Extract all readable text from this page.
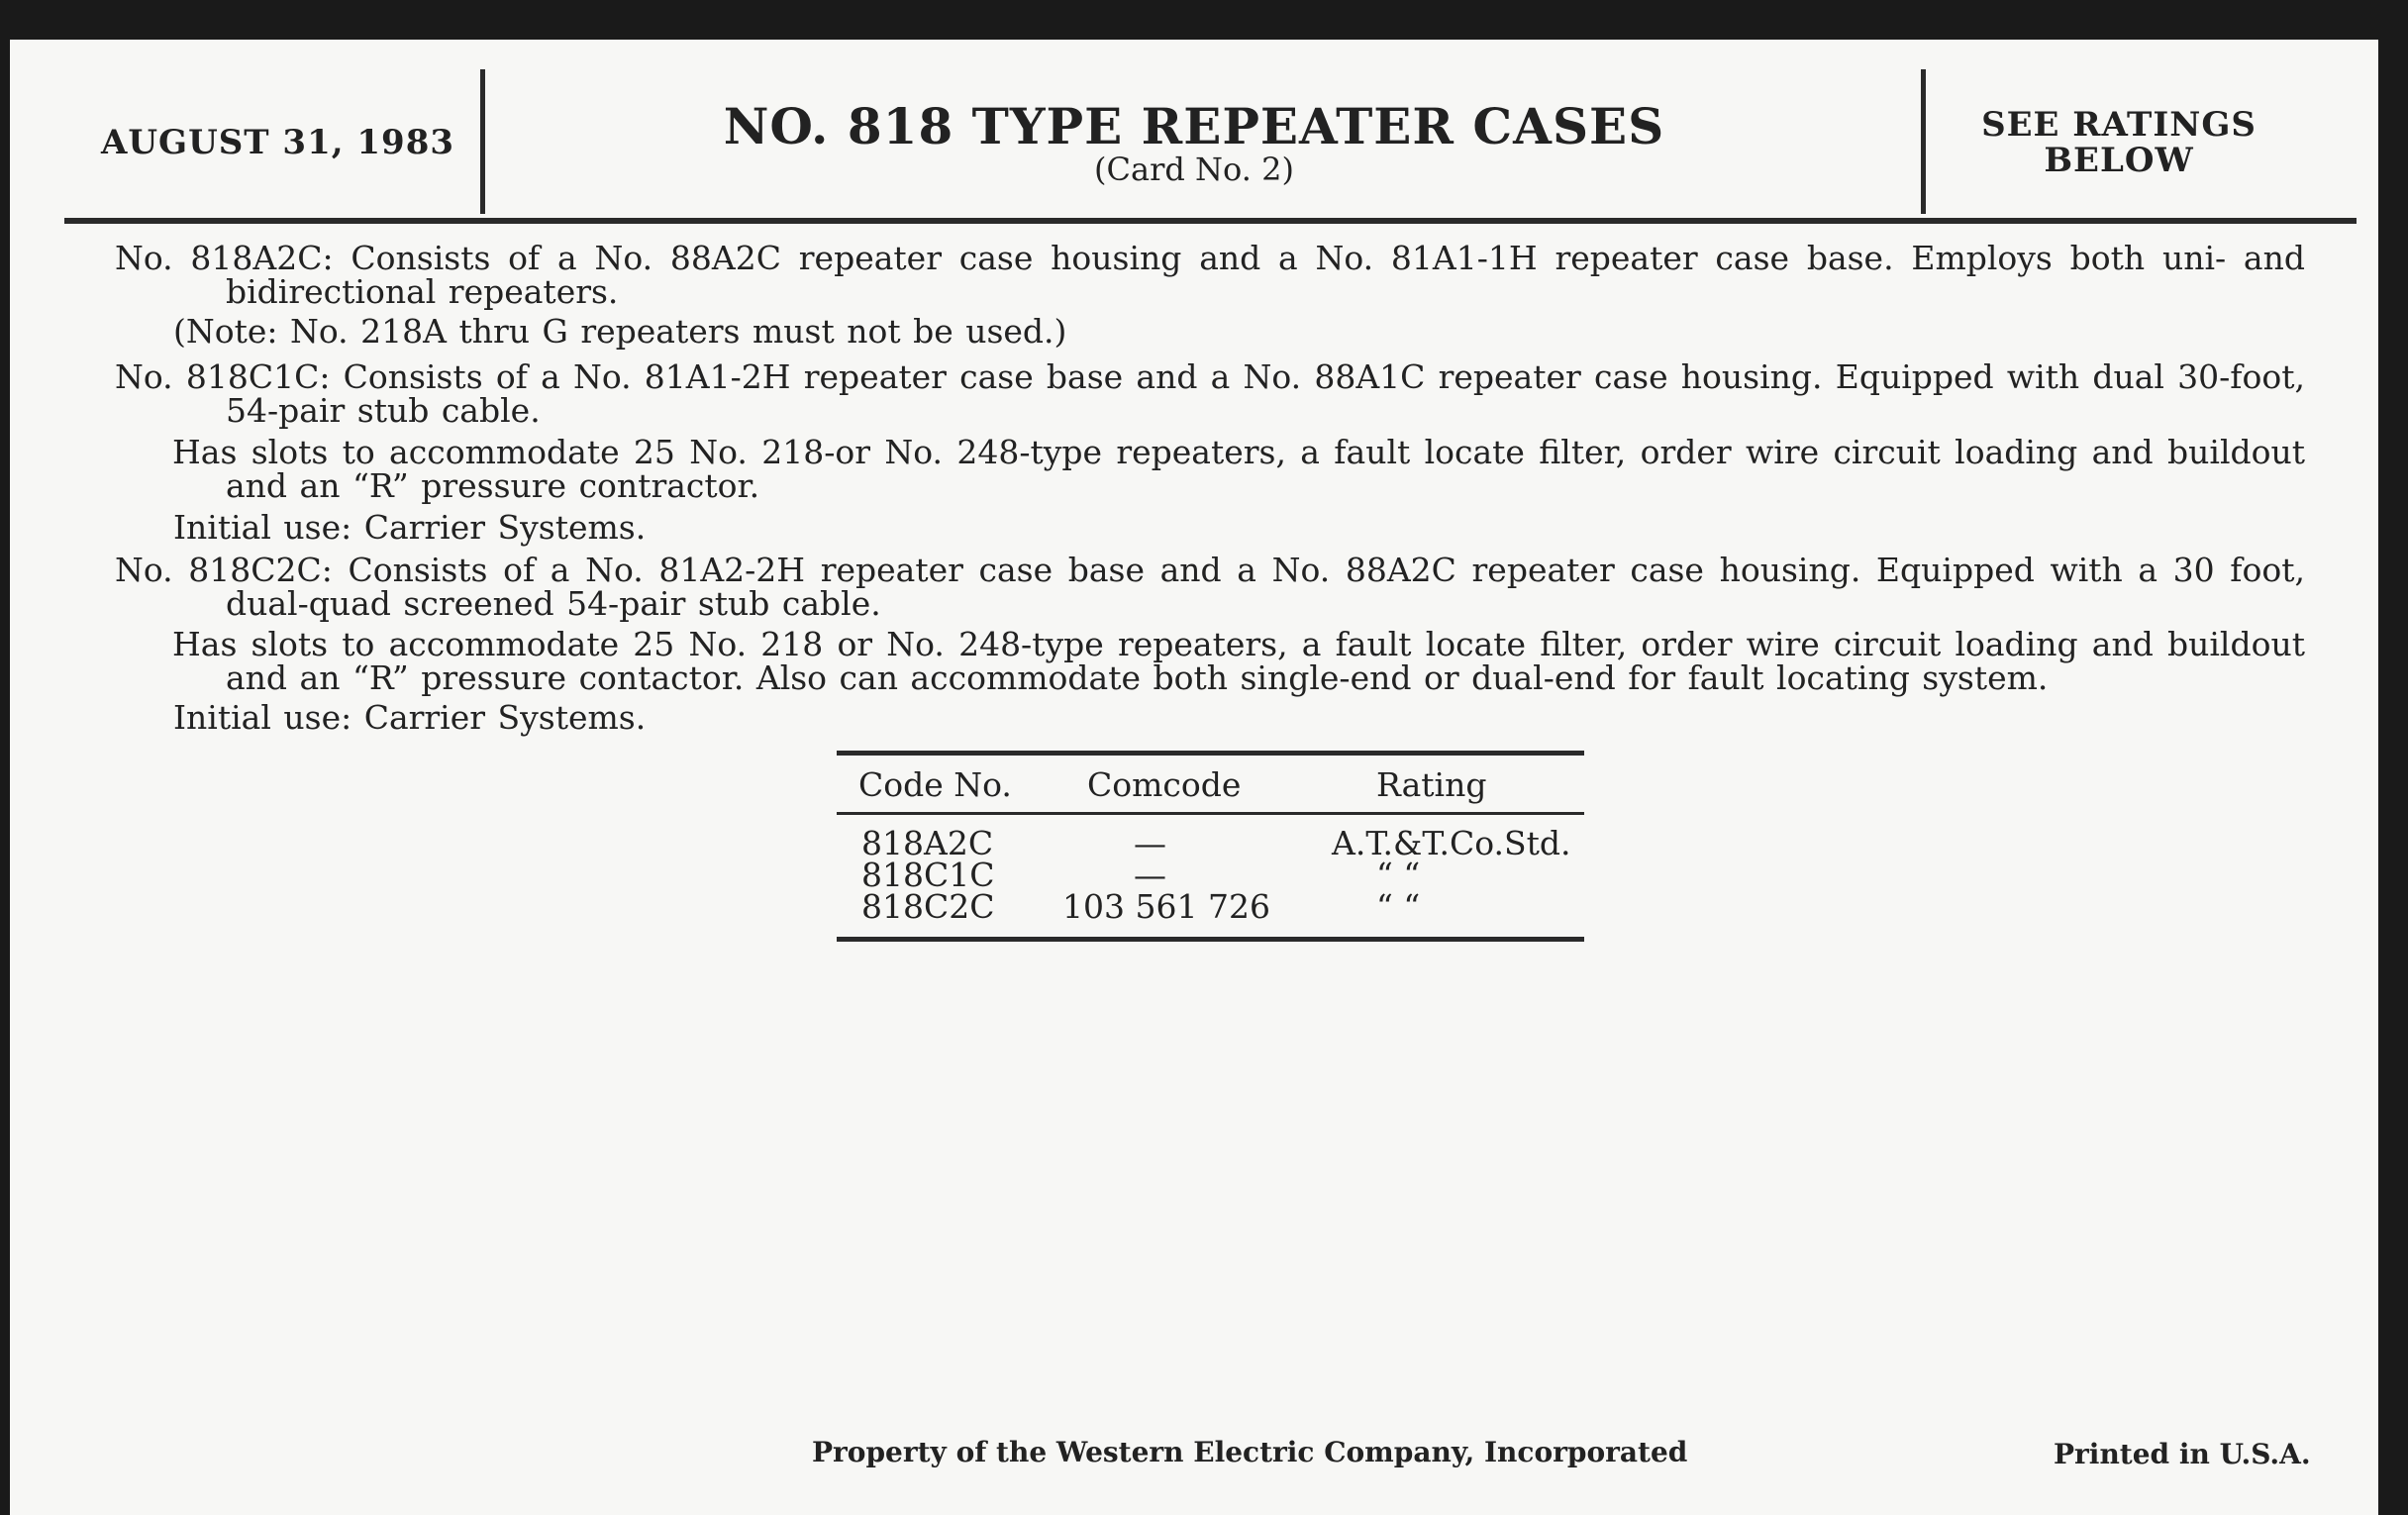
AUGUST 31, 1983	NO. 818 TYPE REPEATER CASES
(Card No. 2)
SEE RATINGS
BELOW
No. 818A2C: Consists of a No. 88A2C repeater case housing and a No. 81A1-1H repeater case base. Employs both uni- and bidirectional repeaters.
(Note: No. 218A thru G repeaters must not be used.)
No. 818C1C: Consists of a No. 81A1-2H repeater case base and a No. 88A1C repeater case housing. Equipped with dual 30-foot, 54-pair stub cable.
Has slots to accommodate 25 No. 218-or No. 248-type repeaters, a fault locate filter, order wire circuit loading and buildout and an “R” pressure contractor.
Initial use: Carrier Systems.
No. 818C2C: Consists of a No. 81A2-2H repeater case base and a No. 88A2C repeater case housing. Equipped with a 30 foot, dual-quad screened 54-pair stub cable.
Has slots to accommodate 25 No. 218 or No. 248-type repeaters, a fault locate filter, order wire circuit loading and buildout and an “R” pressure contactor. Also can accommodate both single-end or dual-end for fault locating system.
Initial use: Carrier Systems.
Code No. Comcode	Rating
818A2C	—	A.T.&T.Co.Std.
818C1C	—	“ “
818C2C 103 561 726	“ “
Property of the Western Electric Company, Incorporated	Printed in U.S.A.
